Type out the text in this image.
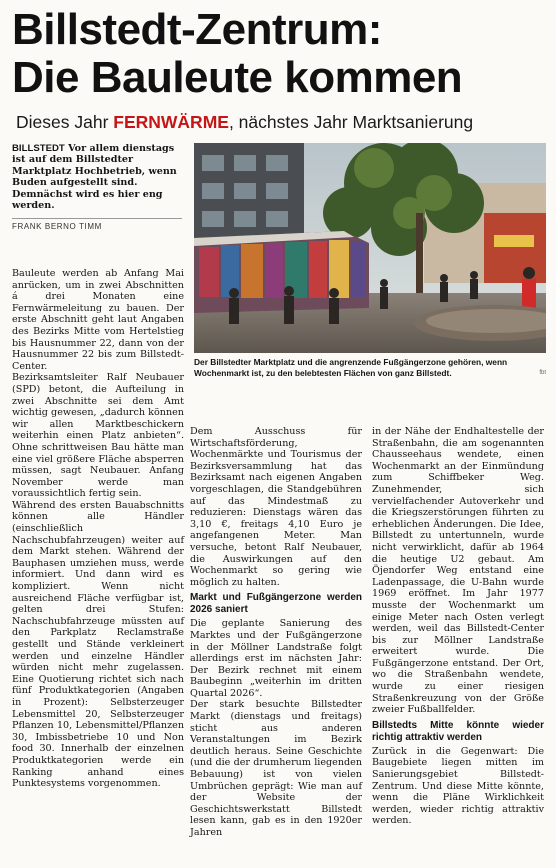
Billstedt-Zentrum:
Die Bauleute kommen
Dieses Jahr FERNWÄRME, nächstes Jahr Marktsanierung
BILLSTEDT Vor allem dienstags ist auf dem Billstedter Marktplatz Hochbetrieb, wenn Buden aufgestellt sind. Demnächst wird es hier eng werden.
FRANK BERNO TIMM
Der Billstedter Marktplatz und die angrenzende Fußgängerzone gehören, wenn Wochenmarkt ist, zu den belebtesten Flächen von ganz Billstedt.	fbt

Bauleute werden ab Anfang Mai anrücken, um in zwei Abschnitten á drei Monaten eine Fernwärmeleitung zu bauen. Der erste Abschnitt geht laut Angaben des Bezirks Mitte vom Hertelstieg bis Hausnummer 22, dann von der Hausnummer 22 bis zum Billstedt-Center.

Bezirksamtsleiter Ralf Neubauer (SPD) betont, die Aufteilung in zwei Abschnitte sei dem Amt wichtig gewesen, „dadurch können wir allen Marktbeschickern weiterhin einen Platz anbieten“. Ohne schrittweisen Bau hätte man eine viel größere Fläche absperren müssen, sagt Neubauer. Anfang November werde man voraussichtlich fertig sein.

Während des ersten Bauabschnitts können alle Händler (einschließlich Nachschubfahrzeugen) weiter auf dem Markt stehen. Während der Bauphasen umziehen muss, werde informiert. Und dann wird es kompliziert. Wenn nicht ausreichend Fläche verfügbar ist, gelten drei Stufen: Nachschubfahrzeuge müssten auf den Parkplatz Reclamstraße gestellt und Stände verkleinert werden und einzelne Händler würden nicht mehr zugelassen. Eine Quotierung richtet sich nach fünf Produktkategorien (Angaben in Prozent): Selbsterzeuger Lebensmittel 20, Selbsterzeuger Pflanzen 10, Lebensmittel/Pflanzen 30, Imbissbetriebe 10 und Non food 30. Innerhalb der einzelnen Produktkategorien werde ein Ranking anhand eines Punktesystems vorgenommen.

Dem Ausschuss für Wirtschaftsförderung, Wochenmärkte und Tourismus der Bezirksversammlung hat das Bezirksamt nach eigenen Angaben vorgeschlagen, die Standgebühren auf das Mindestmaß zu reduzieren: Dienstags wären das 3,10 €, freitags 4,10 Euro je angefangenen Meter. Man versuche, betont Ralf Neubauer, die Auswirkungen auf den Wochenmarkt so gering wie möglich zu halten.

Markt und Fußgängerzone werden 2026 saniert

Die geplante Sanierung des Marktes und der Fußgängerzone in der Möllner Landstraße folgt allerdings erst im nächsten Jahr: Der Bezirk rechnet mit einem Baubeginn „weiterhin im dritten Quartal 2026“.

Der stark besuchte Billstedter Markt (dienstags und freitags) sticht aus anderen Veranstaltungen im Bezirk deutlich heraus. Seine Geschichte (und die der drumherum liegenden Bebauung) ist von vielen Umbrüchen geprägt: Wie man auf der Website der Geschichtswerkstatt Billstedt lesen kann, gab es in den 1920er Jahren

in der Nähe der Endhaltestelle der Straßenbahn, die am sogenannten Chausseehaus wendete, einen Wochenmarkt an der Einmündung zum Schiffbeker Weg. Zunehmender, sich vervielfachender Autoverkehr und die Kriegszerstörungen führten zu erheblichen Änderungen. Die Idee, Billstedt zu untertunneln, wurde nicht verwirklicht, dafür ab 1964 die heutige U2 gebaut. Am Öjendorfer Weg entstand eine Ladenpassage, die U-Bahn wurde 1969 eröffnet. Im Jahr 1977 musste der Wochenmarkt um einige Meter nach Osten verlegt werden, weil das Billstedt-Center bis zur Möllner Landstraße erweitert wurde. Die Fußgängerzone entstand. Der Ort, wo die Straßenbahn wendete, wurde zu einer riesigen Straßenkreuzung von der Größe zweier Fußballfelder.

Billstedts Mitte könnte wieder richtig attraktiv werden

Zurück in die Gegenwart: Die Baugebiete liegen mitten im Sanierungsgebiet Billstedt-Zentrum. Und diese Mitte könnte, wenn die Pläne Wirklichkeit werden, wieder richtig attraktiv werden.
